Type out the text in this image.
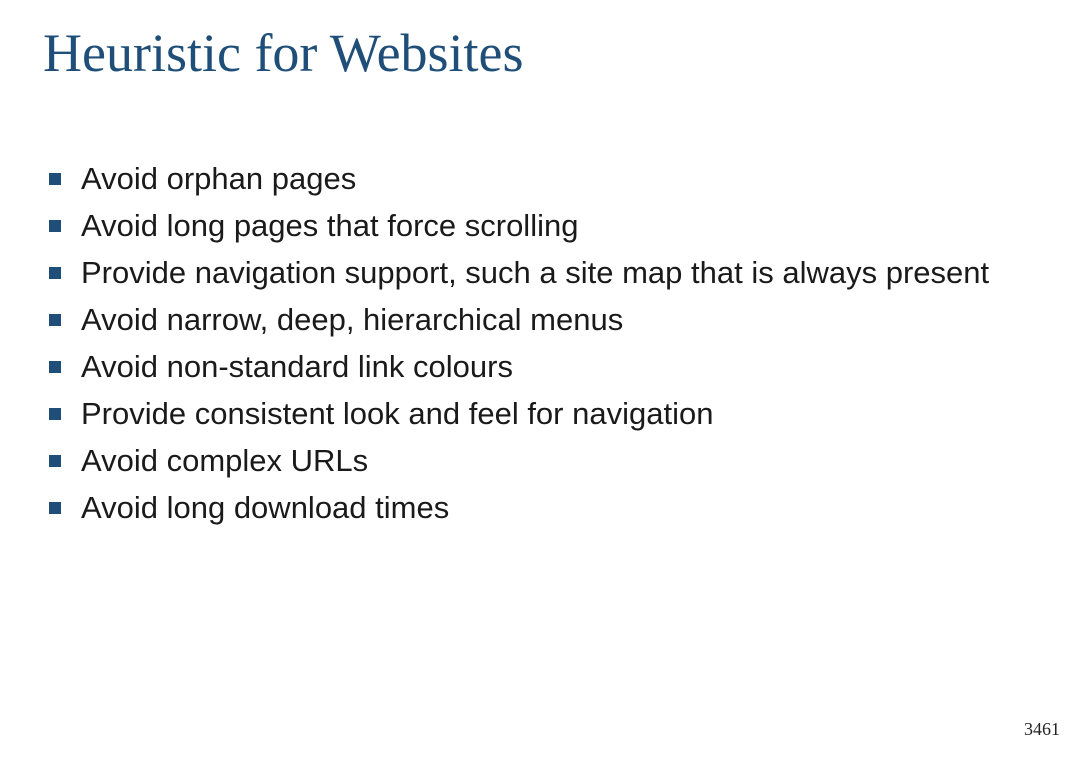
Heuristic for Websites
Avoid orphan pages
Avoid long pages that force scrolling
Provide navigation support, such a site map that is always present
Avoid narrow, deep, hierarchical menus
Avoid non-standard link colours
Provide consistent look and feel for navigation
Avoid complex URLs
Avoid long download times
3461
